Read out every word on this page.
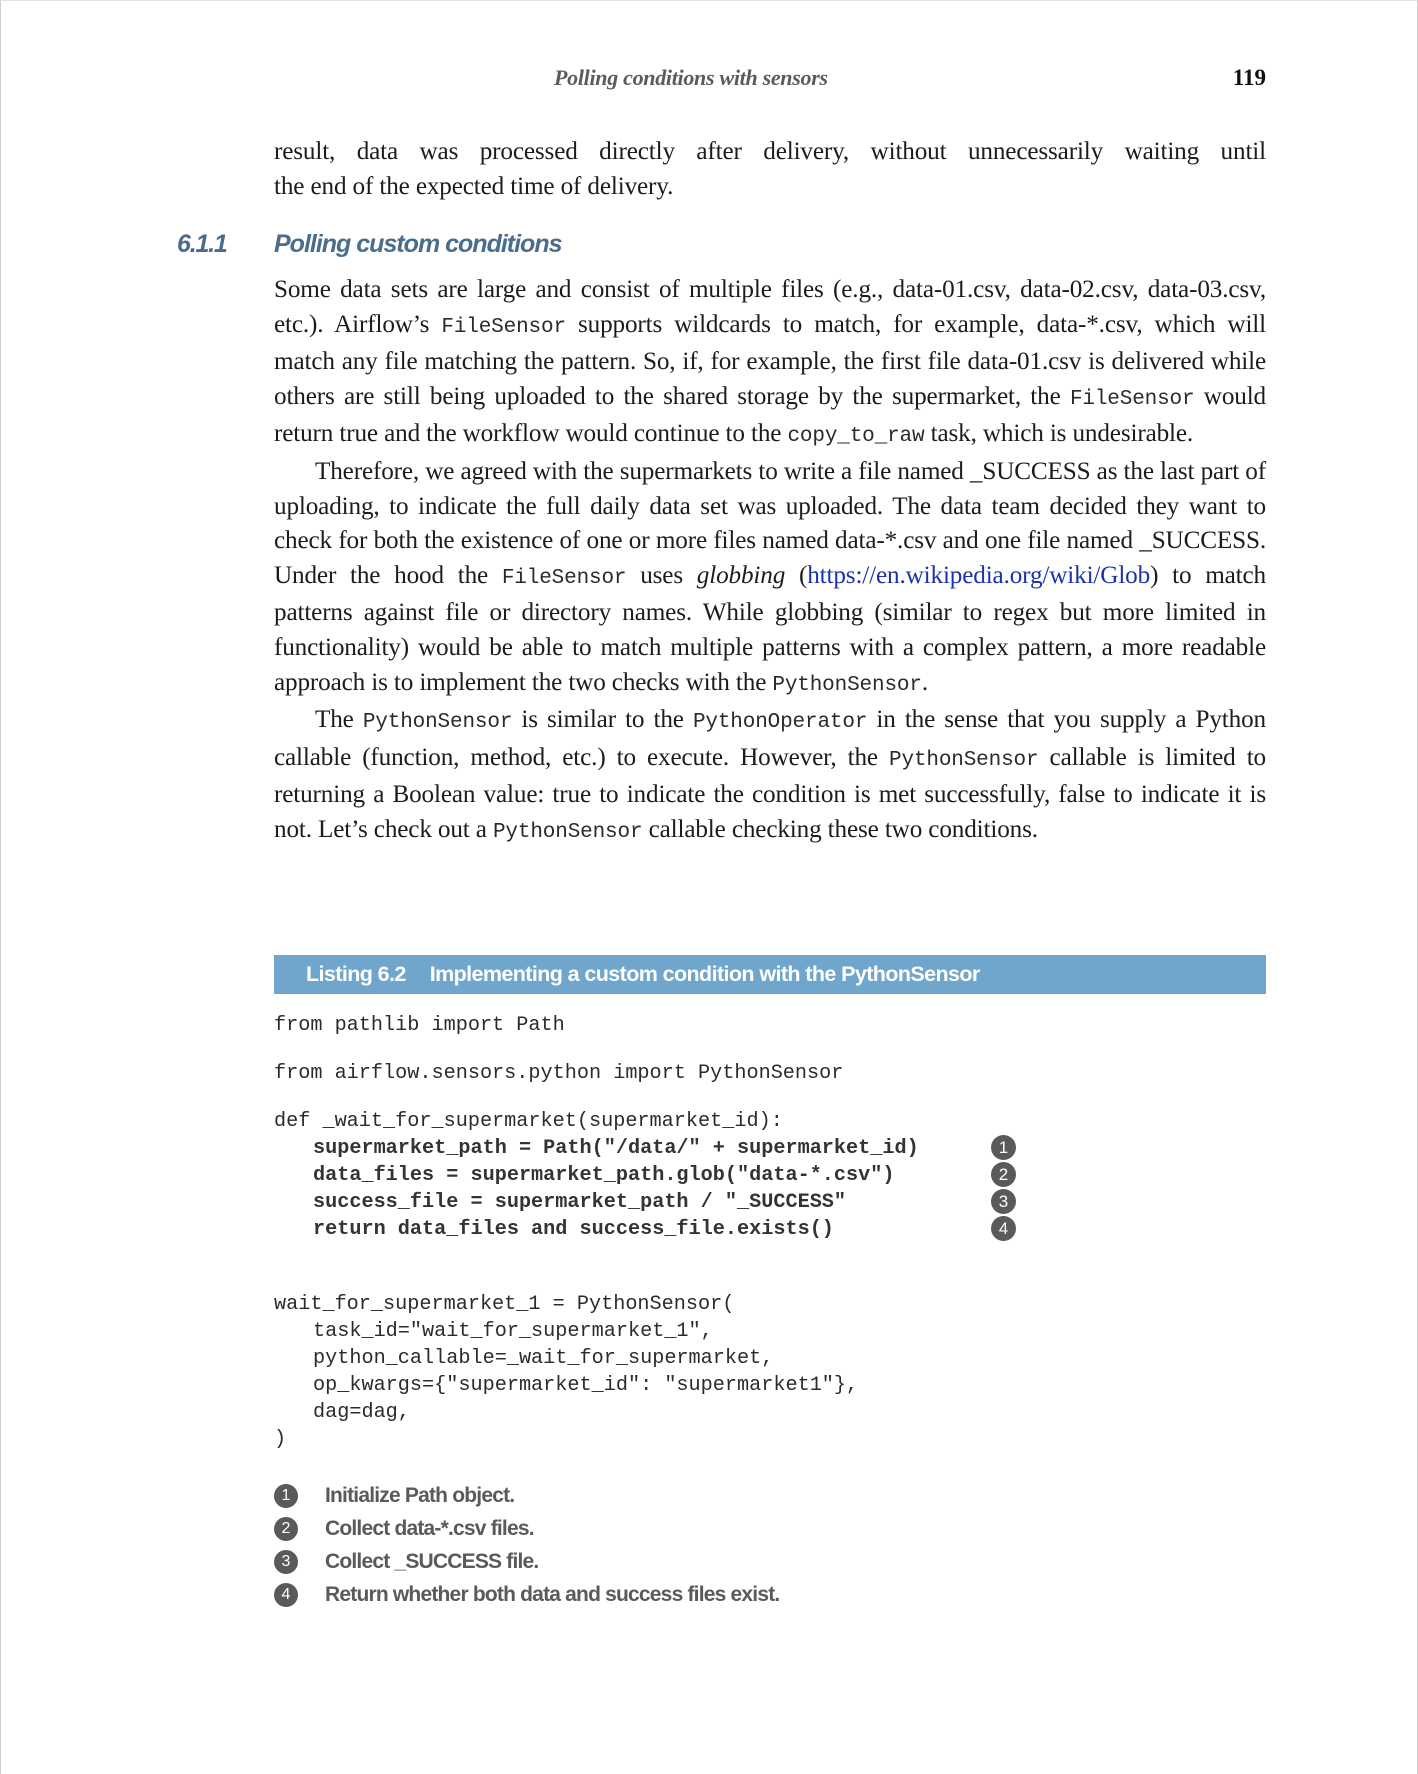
Polling conditions with sensors	119

result, data was processed directly after delivery, without unnecessarily waiting until

the end of the expected time of delivery.

6.1.1 Polling custom conditions

Some data sets are large and consist of multiple files (e.g., data-01.csv, data-02.csv, data-03.csv, etc.). Airflow’s FileSensor supports wildcards to match, for example, data-*.csv, which will match any file matching the pattern. So, if, for example, the first file data-01.csv is delivered while others are still being uploaded to the shared storage by the supermarket, the FileSensor would return true and the workflow would continue to the copy_to_raw task, which is undesirable.

Therefore, we agreed with the supermarkets to write a file named _SUCCESS as the last part of uploading, to indicate the full daily data set was uploaded. The data team decided they want to check for both the existence of one or more files named data-*.csv and one file named _SUCCESS. Under the hood the FileSensor uses globbing (https://en.wikipedia.org/wiki/Glob) to match patterns against file or directory names. While globbing (similar to regex but more limited in functionality) would be able to match multiple patterns with a complex pattern, a more readable approach is to implement the two checks with the PythonSensor.

The PythonSensor is similar to the PythonOperator in the sense that you supply a Python callable (function, method, etc.) to execute. However, the PythonSensor callable is limited to returning a Boolean value: true to indicate the condition is met successfully, false to indicate it is not. Let’s check out a PythonSensor callable checking these two conditions.

Listing 6.2 Implementing a custom condition with the PythonSensor
from pathlib import Path
from airflow.sensors.python import PythonSensor
def _wait_for_supermarket(supermarket_id):
supermarket_path = Path("/data/" + supermarket_id)
data_files = supermarket_path.glob("data-*.csv")
success_file = supermarket_path / "_SUCCESS"
return data_files and success_file.exists()
wait_for_supermarket_1 = PythonSensor(
task_id="wait_for_supermarket_1",
python_callable=_wait_for_supermarket,
op_kwargs={"supermarket_id": "supermarket1"},
dag=dag,
)
1
2
3
4
1	Initialize Path object.
2	Collect data-*.csv files.
3	Collect _SUCCESS file.
4	Return whether both data and success files exist.
